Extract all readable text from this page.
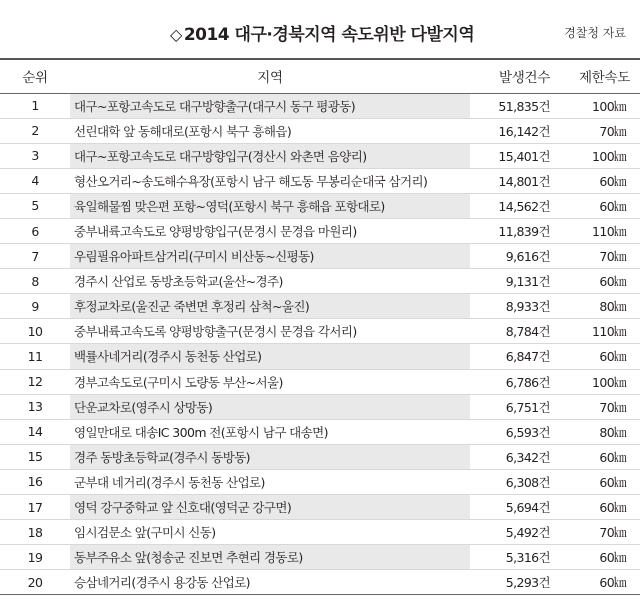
◇ 2014 대구·경북지역 속도위반 다발지역	경찰청 자료
순위	지역	발생건수	제한속도
1	대구~포항고속도로 대구방향출구(대구시 동구 평광동)	51,835건	100㎞
2	선린대학 앞 동해대로(포항시 북구 흥해읍)	16,142건	70㎞
3	대구~포항고속도로 대구방향입구(경산시 와촌면 음양리)	15,401건	100㎞
4	형산오거리~송도해수욕장(포항시 남구 해도동 무봉리순대국 삼거리)	14,801건	60㎞
5	육일해물찜 맞은편 포항~영덕(포항시 북구 흥해읍 포항대로)	14,562건	60㎞
6	중부내륙고속도로 양평방향입구(문경시 문경읍 마원리)	11,839건	110㎞
7	우림필유아파트삼거리(구미시 비산동~신평동)	9,616건	70㎞
8	경주시 산업로 동방초등학교(울산~경주)	9,131건	60㎞
9	후정교차로(울진군 죽변면 후정리 삼척~울진)	8,933건	80㎞
10	중부내륙고속도록 양평방향출구(문경시 문경읍 각서리)	8,784건	110㎞
11	백률사네거리(경주시 동천동 산업로)	6,847건	60㎞
12	경부고속도로(구미시 도량동 부산~서울)	6,786건	100㎞
13	단운교차로(영주시 상망동)	6,751건	70㎞
14	영일만대로 대송IC 300m 전(포항시 남구 대송면)	6,593건	80㎞
15	경주 동방초등학교(경주시 동방동)	6,342건	60㎞
16	군부대 네거리(경주시 동천동 산업로)	6,308건	60㎞
17	영덕 강구중학교 앞 신호대(영덕군 강구면)	5,694건	60㎞
18	임시검문소 앞(구미시 신동)	5,492건	70㎞
19	동부주유소 앞(청송군 진보면 추현리 경동로)	5,316건	60㎞
20	승삼네거리(경주시 용강동 산업로)	5,293건	60㎞
